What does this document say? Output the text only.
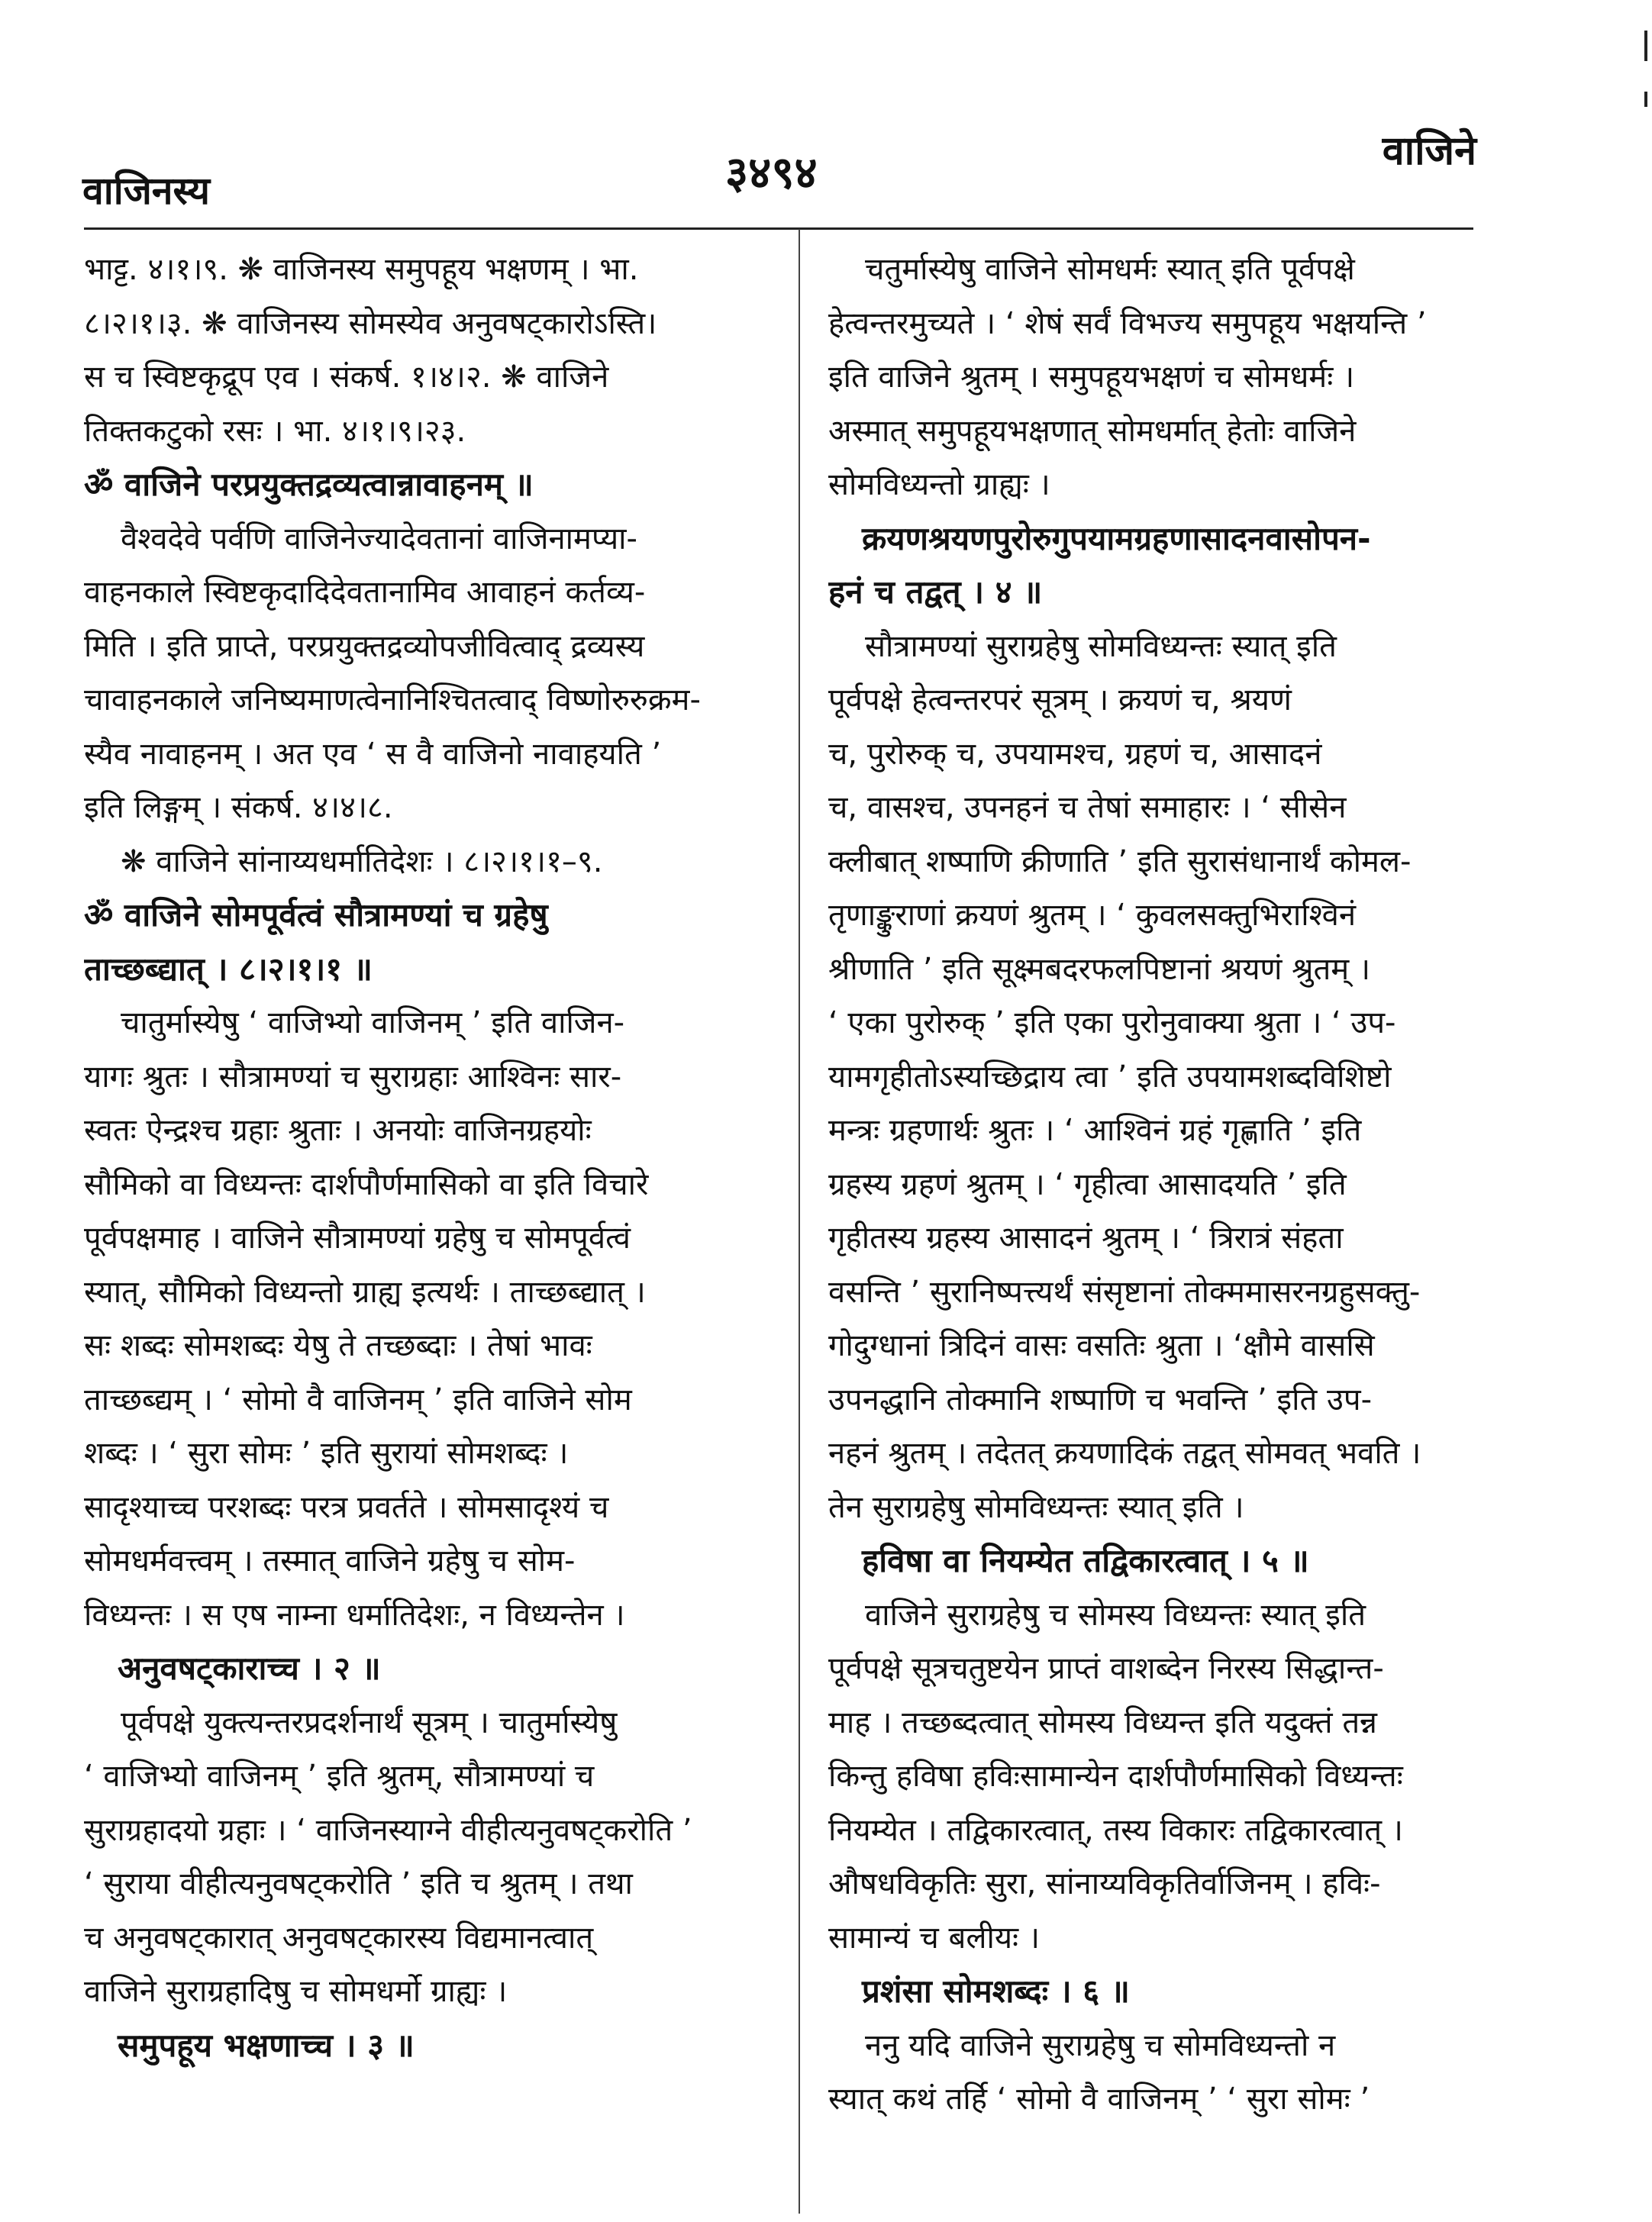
वाजिनस्य	३४९४	वाजिने
भाट्ट. ४।१।९. ❋ वाजिनस्य समुपहूय भक्षणम् । भा.
८।२।१।३. ❋ वाजिनस्य सोमस्येव अनुवषट्कारोऽस्ति।
स च स्विष्टकृद्रूप एव । संकर्ष. १।४।२. ❋ वाजिने
तिक्तकटुको रसः । भा. ४।१।९।२३.
ॐ वाजिने परप्रयुक्तद्रव्यत्वान्नावाहनम् ॥
वैश्वदेवे पर्वणि वाजिनेज्यादेवतानां वाजिनामप्या-
वाहनकाले स्विष्टकृदादिदेवतानामिव आवाहनं कर्तव्य-
मिति । इति प्राप्ते, परप्रयुक्तद्रव्योपजीवित्वाद् द्रव्यस्य
चावाहनकाले जनिष्यमाणत्वेनानिश्चितत्वाद् विष्णोरुरुक्रम-
स्यैव नावाहनम् । अत एव ‘ स वै वाजिनो नावाहयति ’
इति लिङ्गम् । संकर्ष. ४।४।८.
❋ वाजिने सांनाय्यधर्मातिदेशः । ८।२।१।१–९.
ॐ वाजिने सोमपूर्वत्वं सौत्रामण्यां च ग्रहेषु
ताच्छब्द्यात् । ८।२।१।१ ॥
चातुर्मास्येषु ‘ वाजिभ्यो वाजिनम् ’ इति वाजिन-
यागः श्रुतः । सौत्रामण्यां च सुराग्रहाः आश्विनः सार-
स्वतः ऐन्द्रश्च ग्रहाः श्रुताः । अनयोः वाजिनग्रहयोः
सौमिको वा विध्यन्तः दार्शपौर्णमासिको वा इति विचारे
पूर्वपक्षमाह । वाजिने सौत्रामण्यां ग्रहेषु च सोमपूर्वत्वं
स्यात्, सौमिको विध्यन्तो ग्राह्य इत्यर्थः । ताच्छब्द्यात् ।
सः शब्दः सोमशब्दः येषु ते तच्छब्दाः । तेषां भावः
ताच्छब्द्यम् । ‘ सोमो वै वाजिनम् ’ इति वाजिने सोम
शब्दः । ‘ सुरा सोमः ’ इति सुरायां सोमशब्दः ।
सादृश्याच्च परशब्दः परत्र प्रवर्तते । सोमसादृश्यं च
सोमधर्मवत्त्वम् । तस्मात् वाजिने ग्रहेषु च सोम-
विध्यन्तः । स एष नाम्ना धर्मातिदेशः, न विध्यन्तेन ।
अनुवषट्काराच्च । २ ॥
पूर्वपक्षे युक्त्यन्तरप्रदर्शनार्थं सूत्रम् । चातुर्मास्येषु
‘ वाजिभ्यो वाजिनम् ’ इति श्रुतम्, सौत्रामण्यां च
सुराग्रहादयो ग्रहाः । ‘ वाजिनस्याग्ने वीहीत्यनुवषट्करोति ’
‘ सुराया वीहीत्यनुवषट्करोति ’ इति च श्रुतम् । तथा
च अनुवषट्कारात् अनुवषट्कारस्य विद्यमानत्वात्
वाजिने सुराग्रहादिषु च सोमधर्मो ग्राह्यः ।
समुपहूय भक्षणाच्च । ३ ॥
चतुर्मास्येषु वाजिने सोमधर्मः स्यात् इति पूर्वपक्षे
हेत्वन्तरमुच्यते । ‘ शेषं सर्वं विभज्य समुपहूय भक्षयन्ति ’
इति वाजिने श्रुतम् । समुपहूयभक्षणं च सोमधर्मः ।
अस्मात् समुपहूयभक्षणात् सोमधर्मात् हेतोः वाजिने
सोमविध्यन्तो ग्राह्यः ।
क्रयणश्रयणपुरोरुगुपयामग्रहणासादनवासोपन-
हनं च तद्वत् । ४ ॥
सौत्रामण्यां सुराग्रहेषु सोमविध्यन्तः स्यात् इति
पूर्वपक्षे हेत्वन्तरपरं सूत्रम् । क्रयणं च, श्रयणं
च, पुरोरुक् च, उपयामश्च, ग्रहणं च, आसादनं
च, वासश्च, उपनहनं च तेषां समाहारः । ‘ सीसेन
क्लीबात् शष्पाणि क्रीणाति ’ इति सुरासंधानार्थं कोमल-
तृणाङ्कुराणां क्रयणं श्रुतम् । ‘ कुवलसक्तुभिराश्विनं
श्रीणाति ’ इति सूक्ष्मबदरफलपिष्टानां श्रयणं श्रुतम् ।
‘ एका पुरोरुक् ’ इति एका पुरोनुवाक्या श्रुता । ‘ उप-
यामगृहीतोऽस्यच्छिद्राय त्वा ’ इति उपयामशब्दविशिष्टो
मन्त्रः ग्रहणार्थः श्रुतः । ‘ आश्विनं ग्रहं गृह्णाति ’ इति
ग्रहस्य ग्रहणं श्रुतम् । ‘ गृहीत्वा आसादयति ’ इति
गृहीतस्य ग्रहस्य आसादनं श्रुतम् । ‘ त्रिरात्रं संहता
वसन्ति ’ सुरानिष्पत्त्यर्थं संसृष्टानां तोक्ममासरनग्रहुसक्तु-
गोदुग्धानां त्रिदिनं वासः वसतिः श्रुता । ‘क्षौमे वाससि
उपनद्धानि तोक्मानि शष्पाणि च भवन्ति ’ इति उप-
नहनं श्रुतम् । तदेतत् क्रयणादिकं तद्वत् सोमवत् भवति ।
तेन सुराग्रहेषु सोमविध्यन्तः स्यात् इति ।
हविषा वा नियम्येत तद्विकारत्वात् । ५ ॥
वाजिने सुराग्रहेषु च सोमस्य विध्यन्तः स्यात् इति
पूर्वपक्षे सूत्रचतुष्टयेन प्राप्तं वाशब्देन निरस्य सिद्धान्त-
माह । तच्छब्दत्वात् सोमस्य विध्यन्त इति यदुक्तं तन्न
किन्तु हविषा हविःसामान्येन दार्शपौर्णमासिको विध्यन्तः
नियम्येत । तद्विकारत्वात्, तस्य विकारः तद्विकारत्वात् ।
औषधविकृतिः सुरा, सांनाय्यविकृतिर्वाजिनम् । हविः-
सामान्यं च बलीयः ।
प्रशंसा सोमशब्दः । ६ ॥
ननु यदि वाजिने सुराग्रहेषु च सोमविध्यन्तो न
स्यात् कथं तर्हि ‘ सोमो वै वाजिनम् ’ ‘ सुरा सोमः ’
